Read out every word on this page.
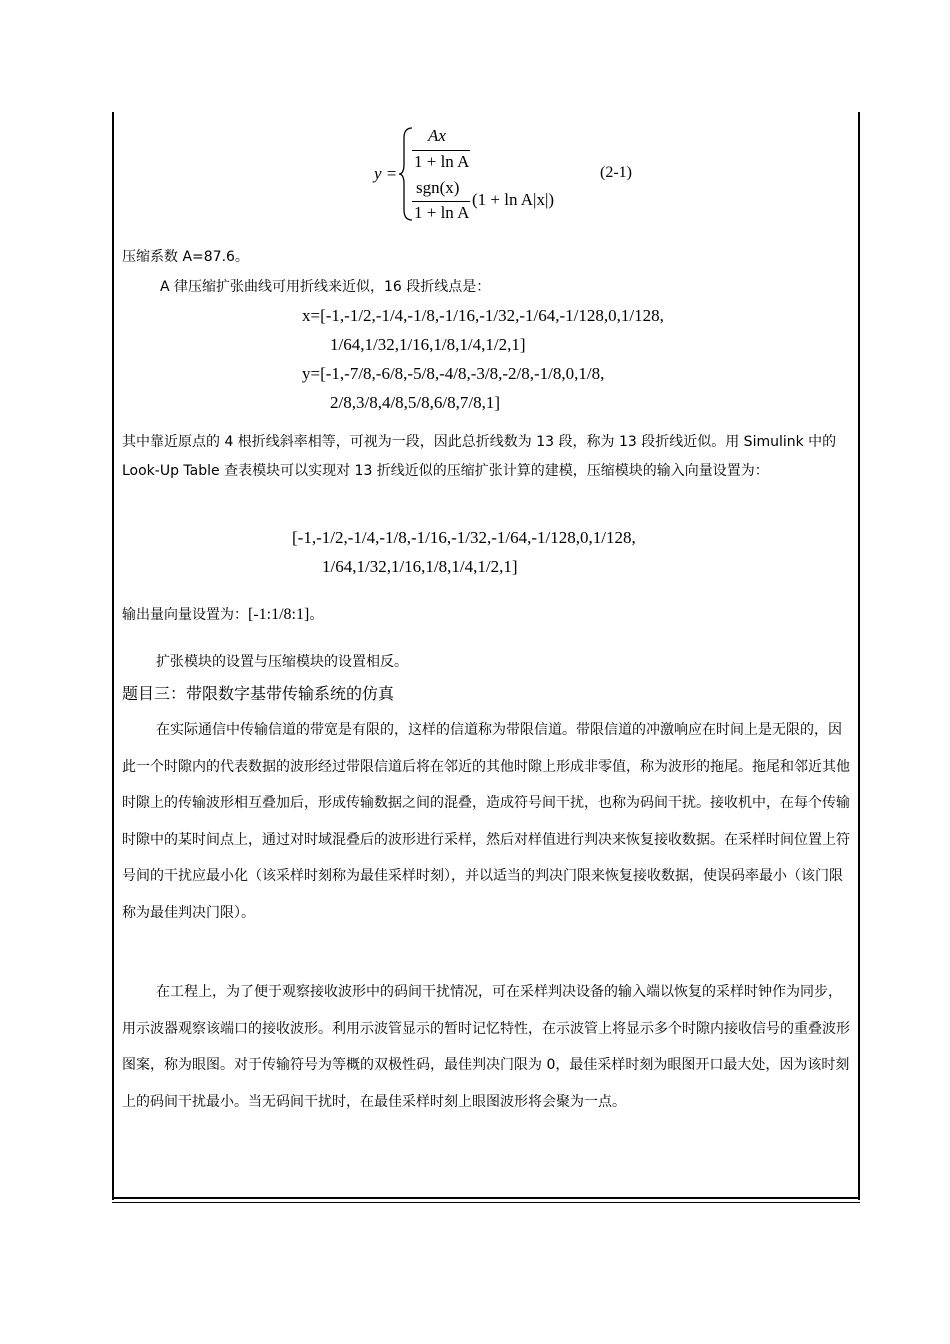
y =
Ax
1 + ln A
sgn(x)
1 + ln A
(1 + ln A|x|)
(2-1)
压缩系数 A=87.6。
A 律压缩扩张曲线可用折线来近似，16 段折线点是：
x=[-1,-1/2,-1/4,-1/8,-1/16,-1/32,-1/64,-1/128,0,1/128,
1/64,1/32,1/16,1/8,1/4,1/2,1]
y=[-1,-7/8,-6/8,-5/8,-4/8,-3/8,-2/8,-1/8,0,1/8,
2/8,3/8,4/8,5/8,6/8,7/8,1]

其中靠近原点的 4 根折线斜率相等，可视为一段，因此总折线数为 13 段，称为 13 段折线近似。用 Simulink 中的 Look-Up Table 查表模块可以实现对 13 折线近似的压缩扩张计算的建模，压缩模块的输入向量设置为：

[-1,-1/2,-1/4,-1/8,-1/16,-1/32,-1/64,-1/128,0,1/128,
1/64,1/32,1/16,1/8,1/4,1/2,1]
输出量向量设置为：[-1:1/8:1]。
扩张模块的设置与压缩模块的设置相反。
题目三：带限数字基带传输系统的仿真

在实际通信中传输信道的带宽是有限的，这样的信道称为带限信道。带限信道的冲激响应在时间上是无限的，因此一个时隙内的代表数据的波形经过带限信道后将在邻近的其他时隙上形成非零值，称为波形的拖尾。拖尾和邻近其他时隙上的传输波形相互叠加后，形成传输数据之间的混叠，造成符号间干扰，也称为码间干扰。接收机中，在每个传输时隙中的某时间点上，通过对时域混叠后的波形进行采样，然后对样值进行判决来恢复接收数据。在采样时间位置上符号间的干扰应最小化（该采样时刻称为最佳采样时刻），并以适当的判决门限来恢复接收数据，使误码率最小（该门限称为最佳判决门限）。

在工程上，为了便于观察接收波形中的码间干扰情况，可在采样判决设备的输入端以恢复的采样时钟作为同步，用示波器观察该端口的接收波形。利用示波管显示的暂时记忆特性，在示波管上将显示多个时隙内接收信号的重叠波形图案，称为眼图。对于传输符号为等概的双极性码，最佳判决门限为 0，最佳采样时刻为眼图开口最大处，因为该时刻上的码间干扰最小。当无码间干扰时，在最佳采样时刻上眼图波形将会聚为一点。
